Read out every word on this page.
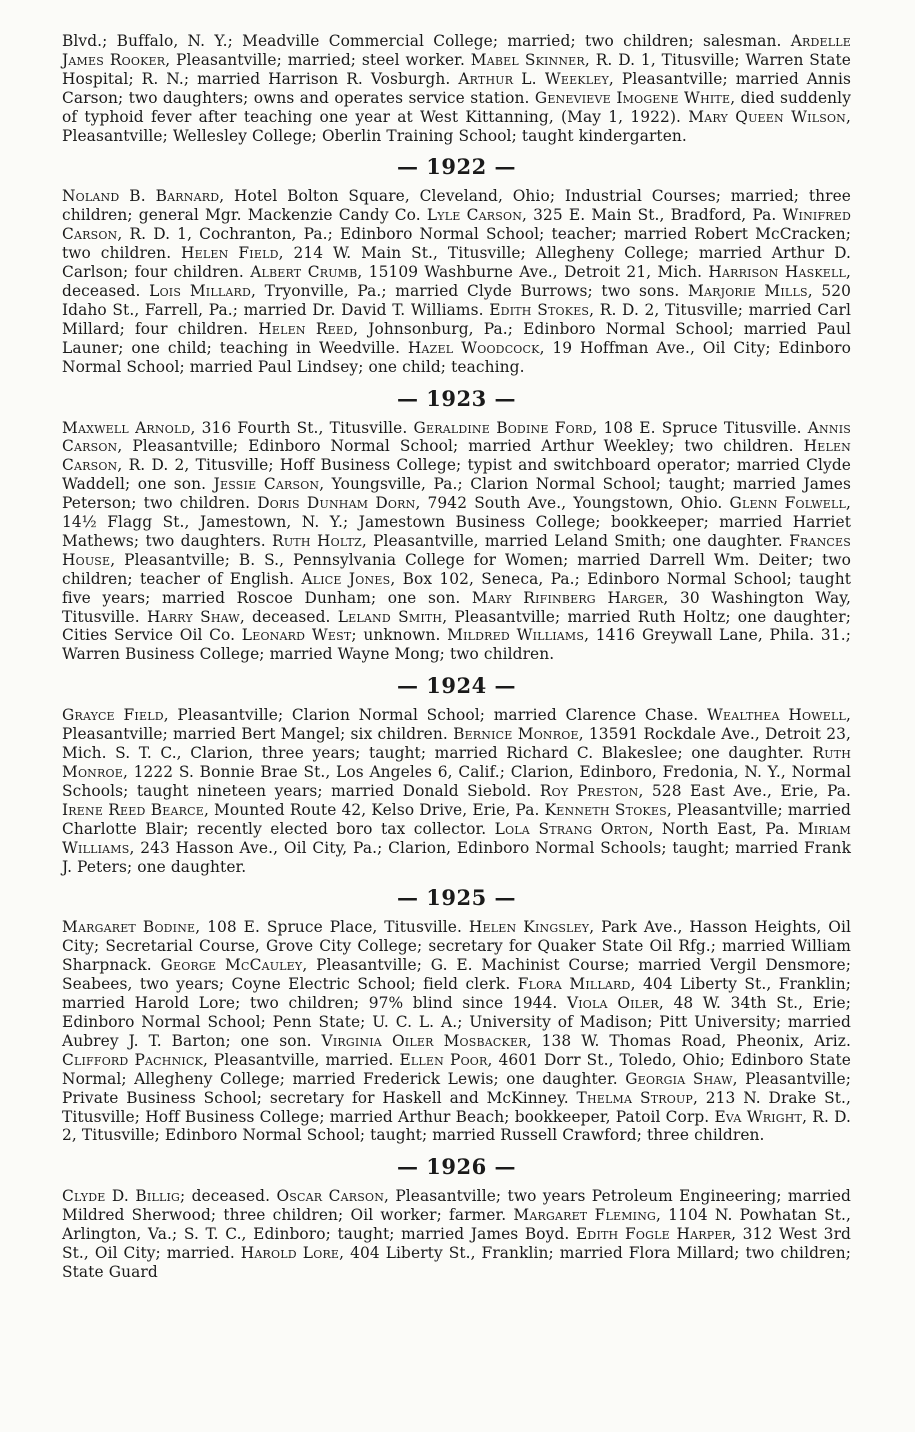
Blvd.; Buffalo, N. Y.; Meadville Commercial College; married; two children; salesman. Ardelle James Rooker, Pleasantville; married; steel worker. Mabel Skinner, R. D. 1, Titusville; Warren State Hospital; R. N.; married Harrison R. Vosburgh. Arthur L. Weekley, Pleasantville; married Annis Carson; two daughters; owns and operates service station. Genevieve Imogene White, died suddenly of typhoid fever after teaching one year at West Kittanning, (May 1, 1922). Mary Queen Wilson, Pleasantville; Wellesley College; Oberlin Training School; taught kindergarten.

— 1922 —

Noland B. Barnard, Hotel Bolton Square, Cleveland, Ohio; Industrial Courses; married; three children; general Mgr. Mackenzie Candy Co. Lyle Carson, 325 E. Main St., Bradford, Pa. Winifred Carson, R. D. 1, Cochranton, Pa.; Edinboro Normal School; teacher; married Robert McCracken; two children. Helen Field, 214 W. Main St., Titusville; Allegheny College; married Arthur D. Carlson; four children. Albert Crumb, 15109 Washburne Ave., Detroit 21, Mich. Harrison Haskell, deceased. Lois Millard, Tryonville, Pa.; married Clyde Burrows; two sons. Marjorie Mills, 520 Idaho St., Farrell, Pa.; married Dr. David T. Williams. Edith Stokes, R. D. 2, Titusville; married Carl Millard; four children. Helen Reed, Johnsonburg, Pa.; Edinboro Normal School; married Paul Launer; one child; teaching in Weedville. Hazel Woodcock, 19 Hoffman Ave., Oil City; Edinboro Normal School; married Paul Lindsey; one child; teaching.

— 1923 —

Maxwell Arnold, 316 Fourth St., Titusville. Geraldine Bodine Ford, 108 E. Spruce Titusville. Annis Carson, Pleasantville; Edinboro Normal School; married Arthur Weekley; two children. Helen Carson, R. D. 2, Titusville; Hoff Business College; typist and switchboard operator; married Clyde Waddell; one son. Jessie Carson, Youngsville, Pa.; Clarion Normal School; taught; married James Peterson; two children. Doris Dunham Dorn, 7942 South Ave., Youngstown, Ohio. Glenn Folwell, 14½ Flagg St., Jamestown, N. Y.; Jamestown Business College; bookkeeper; married Harriet Mathews; two daughters. Ruth Holtz, Pleasantville, married Leland Smith; one daughter. Frances House, Pleasantville; B. S., Pennsylvania College for Women; married Darrell Wm. Deiter; two children; teacher of English. Alice Jones, Box 102, Seneca, Pa.; Edinboro Normal School; taught five years; married Roscoe Dunham; one son. Mary Rifinberg Harger, 30 Washington Way, Titusville. Harry Shaw, deceased. Leland Smith, Pleasantville; married Ruth Holtz; one daughter; Cities Service Oil Co. Leonard West; unknown. Mildred Williams, 1416 Greywall Lane, Phila. 31.; Warren Business College; married Wayne Mong; two children.

— 1924 —

Grayce Field, Pleasantville; Clarion Normal School; married Clarence Chase. Wealthea Howell, Pleasantville; married Bert Mangel; six children. Bernice Monroe, 13591 Rockdale Ave., Detroit 23, Mich. S. T. C., Clarion, three years; taught; married Richard C. Blakeslee; one daughter. Ruth Monroe, 1222 S. Bonnie Brae St., Los Angeles 6, Calif.; Clarion, Edinboro, Fredonia, N. Y., Normal Schools; taught nineteen years; married Donald Siebold. Roy Preston, 528 East Ave., Erie, Pa. Irene Reed Bearce, Mounted Route 42, Kelso Drive, Erie, Pa. Kenneth Stokes, Pleasantville; married Charlotte Blair; recently elected boro tax collector. Lola Strang Orton, North East, Pa. Miriam Williams, 243 Hasson Ave., Oil City, Pa.; Clarion, Edinboro Normal Schools; taught; married Frank J. Peters; one daughter.

— 1925 —

Margaret Bodine, 108 E. Spruce Place, Titusville. Helen Kingsley, Park Ave., Hasson Heights, Oil City; Secretarial Course, Grove City College; secretary for Quaker State Oil Rfg.; married William Sharpnack. George McCauley, Pleasantville; G. E. Machinist Course; married Vergil Densmore; Seabees, two years; Coyne Electric School; field clerk. Flora Millard, 404 Liberty St., Franklin; married Harold Lore; two children; 97% blind since 1944. Viola Oiler, 48 W. 34th St., Erie; Edinboro Normal School; Penn State; U. C. L. A.; University of Madison; Pitt University; married Aubrey J. T. Barton; one son. Virginia Oiler Mosbacker, 138 W. Thomas Road, Pheonix, Ariz. Clifford Pachnick, Pleasantville, married. Ellen Poor, 4601 Dorr St., Toledo, Ohio; Edinboro State Normal; Allegheny College; married Frederick Lewis; one daughter. Georgia Shaw, Pleasantville; Private Business School; secretary for Haskell and McKinney. Thelma Stroup, 213 N. Drake St., Titusville; Hoff Business College; married Arthur Beach; bookkeeper, Patoil Corp. Eva Wright, R. D. 2, Titusville; Edinboro Normal School; taught; married Russell Crawford; three children.

— 1926 —

Clyde D. Billig; deceased. Oscar Carson, Pleasantville; two years Petroleum Engineering; married Mildred Sherwood; three children; Oil worker; farmer. Margaret Fleming, 1104 N. Powhatan St., Arlington, Va.; S. T. C., Edinboro; taught; married James Boyd. Edith Fogle Harper, 312 West 3rd St., Oil City; married. Harold Lore, 404 Liberty St., Franklin; married Flora Millard; two children; State Guard
